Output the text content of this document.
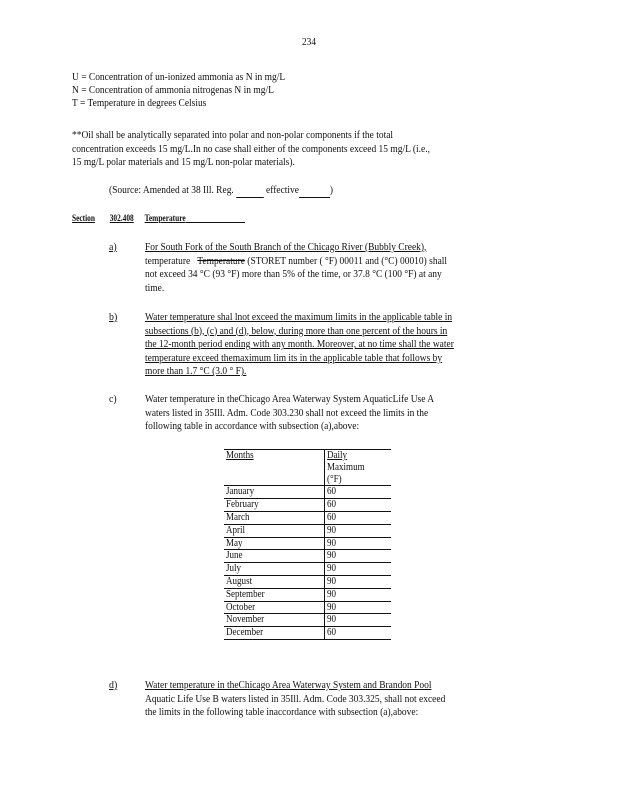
234
U = Concentration of un-ionized ammonia as N in mg/L
N = Concentration of ammonia nitrogenas N in mg/L
T = Temperature in degrees Celsius
**Oil shall be analytically separated into polar and non-polar components if the total
concentration exceeds 15 mg/L.In no case shall either of the components exceed 15 mg/L (i.e.,
15 mg/L polar materials and 15 mg/L non-polar materials).
(Source: Amended at 38 Ill. Reg.	effective	)
Section 302.408 Temperature
a)	For South Fork of the South Branch of the Chicago River (Bubbly Creek),
temperature Temperature (STORET number ( °F) 00011 and (°C) 00010) shall
not exceed 34 °C (93 °F) more than 5% of the time, or 37.8 °C (100 °F) at any
time.
b)	Water temperature shal lnot exceed the maximum limits in the applicable table in
subsections (b), (c) and (d), below, during more than one percent of the hours in
the 12-month period ending with any month. Moreover, at no time shall the water
temperature exceed themaximum lim its in the applicable table that follows by
more than 1.7 °C (3.0 ° F).
c)	Water temperature in theChicago Area Waterway System AquaticLife Use A
waters listed in 35Ill. Adm. Code 303.230 shall not exceed the limits in the
following table in accordance with subsection (a),above:
Months	Daily
Maximum
(°F)
January	60
February	60
March	60
April	90
May	90
June	90
July	90
August	90
September	90
October	90
November	90
December	60
d)	Water temperature in theChicago Area Waterway System and Brandon Pool
Aquatic Life Use B waters listed in 35Ill. Adm. Code 303.325, shall not exceed
the limits in the following table inaccordance with subsection (a),above:
